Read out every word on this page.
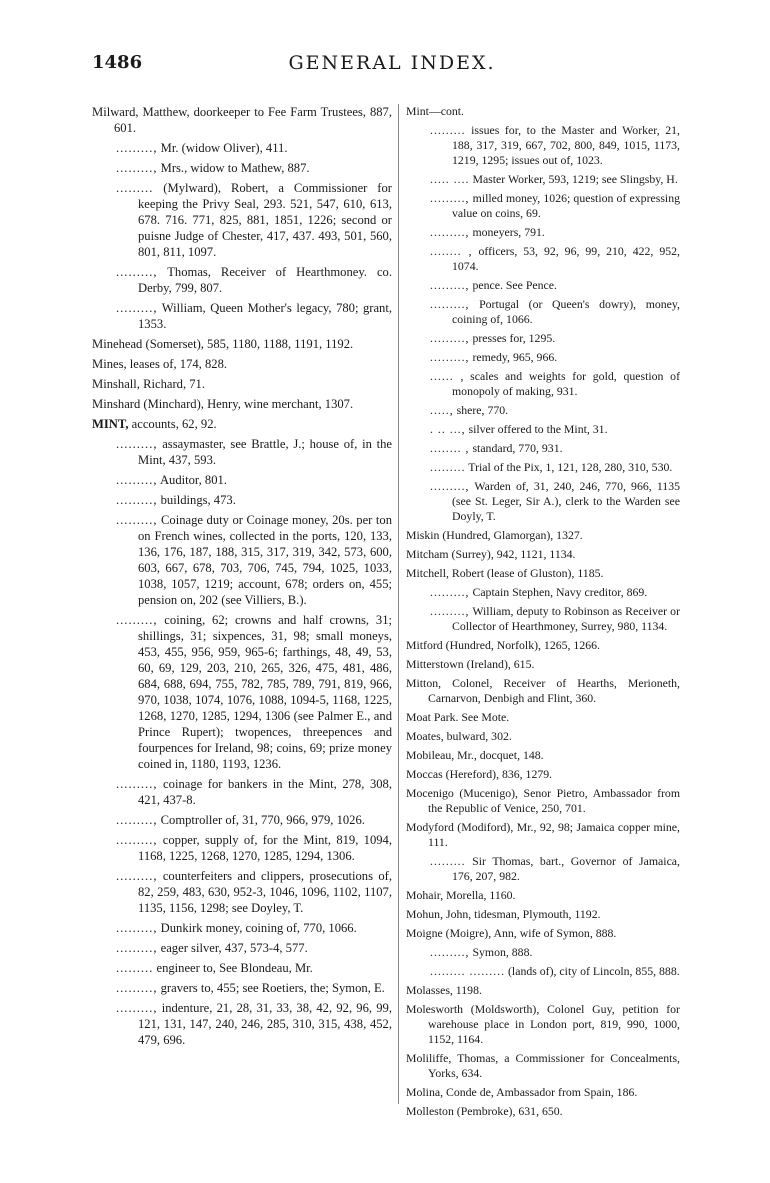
1486	GENERAL INDEX.

Milward, Matthew, doorkeeper to Fee Farm Trustees, 887, 601.

........., Mr. (widow Oliver), 411.

........., Mrs., widow to Mathew, 887.

......... (Mylward), Robert, a Commissioner for keeping the Privy Seal, 293. 521, 547, 610, 613, 678. 716. 771, 825, 881, 1851, 1226; second or puisne Judge of Chester, 417, 437. 493, 501, 560, 801, 811, 1097.

........., Thomas, Receiver of Hearthmoney. co. Derby, 799, 807.

........., William, Queen Mother's legacy, 780; grant, 1353.

Minehead (Somerset), 585, 1180, 1188, 1191, 1192.

Mines, leases of, 174, 828.

Minshall, Richard, 71.

Minshard (Minchard), Henry, wine merchant, 1307.

MINT, accounts, 62, 92.

........., assaymaster, see Brattle, J.; house of, in the Mint, 437, 593.

........., Auditor, 801.

........., buildings, 473.

........., Coinage duty or Coinage money, 20s. per ton on French wines, collected in the ports, 120, 133, 136, 176, 187, 188, 315, 317, 319, 342, 573, 600, 603, 667, 678, 703, 706, 745, 794, 1025, 1033, 1038, 1057, 1219; account, 678; orders on, 455; pension on, 202 (see Villiers, B.).

........., coining, 62; crowns and half crowns, 31; shillings, 31; sixpences, 31, 98; small moneys, 453, 455, 956, 959, 965-6; farthings, 48, 49, 53, 60, 69, 129, 203, 210, 265, 326, 475, 481, 486, 684, 688, 694, 755, 782, 785, 789, 791, 819, 966, 970, 1038, 1074, 1076, 1088, 1094-5, 1168, 1225, 1268, 1270, 1285, 1294, 1306 (see Palmer E., and Prince Rupert); twopences, threepences and fourpences for Ireland, 98; coins, 69; prize money coined in, 1180, 1193, 1236.

........., coinage for bankers in the Mint, 278, 308, 421, 437-8.

........., Comptroller of, 31, 770, 966, 979, 1026.

........., copper, supply of, for the Mint, 819, 1094, 1168, 1225, 1268, 1270, 1285, 1294, 1306.

........., counterfeiters and clippers, prosecutions of, 82, 259, 483, 630, 952-3, 1046, 1096, 1102, 1107, 1135, 1156, 1298; see Doyley, T.

........., Dunkirk money, coining of, 770, 1066.

........., eager silver, 437, 573-4, 577.

......... engineer to, See Blondeau, Mr.

........., gravers to, 455; see Roetiers, the; Symon, E.

........., indenture, 21, 28, 31, 33, 38, 42, 92, 96, 99, 121, 131, 147, 240, 246, 285, 310, 315, 438, 452, 479, 696.

Mint—cont.

......... issues for, to the Master and Worker, 21, 188, 317, 319, 667, 702, 800, 849, 1015, 1173, 1219, 1295; issues out of, 1023.

..... .... Master Worker, 593, 1219; see Slingsby, H.

........., milled money, 1026; question of expressing value on coins, 69.

........., moneyers, 791.

........ , officers, 53, 92, 96, 99, 210, 422, 952, 1074.

........., pence. See Pence.

........., Portugal (or Queen's dowry), money, coining of, 1066.

........., presses for, 1295.

........., remedy, 965, 966.

...... , scales and weights for gold, question of monopoly of making, 931.

....., shere, 770.

. .. ..., silver offered to the Mint, 31.

........ , standard, 770, 931.

......... Trial of the Pix, 1, 121, 128, 280, 310, 530.

........., Warden of, 31, 240, 246, 770, 966, 1135 (see St. Leger, Sir A.), clerk to the Warden see Doyly, T.

Miskin (Hundred, Glamorgan), 1327.

Mitcham (Surrey), 942, 1121, 1134.

Mitchell, Robert (lease of Gluston), 1185.

........., Captain Stephen, Navy creditor, 869.

........., William, deputy to Robinson as Receiver or Collector of Hearthmoney, Surrey, 980, 1134.

Mitford (Hundred, Norfolk), 1265, 1266.

Mitterstown (Ireland), 615.

Mitton, Colonel, Receiver of Hearths, Merioneth, Carnarvon, Denbigh and Flint, 360.

Moat Park. See Mote.

Moates, bulward, 302.

Mobileau, Mr., docquet, 148.

Moccas (Hereford), 836, 1279.

Mocenigo (Mucenigo), Senor Pietro, Ambassador from the Republic of Venice, 250, 701.

Modyford (Modiford), Mr., 92, 98; Jamaica copper mine, 111.

......... Sir Thomas, bart., Governor of Jamaica, 176, 207, 982.

Mohair, Morella, 1160.

Mohun, John, tidesman, Plymouth, 1192.

Moigne (Moigre), Ann, wife of Symon, 888.

........., Symon, 888.

......... ......... (lands of), city of Lincoln, 855, 888.

Molasses, 1198.

Molesworth (Moldsworth), Colonel Guy, petition for warehouse place in London port, 819, 990, 1000, 1152, 1164.

Moliliffe, Thomas, a Commissioner for Concealments, Yorks, 634.

Molina, Conde de, Ambassador from Spain, 186.

Molleston (Pembroke), 631, 650.
